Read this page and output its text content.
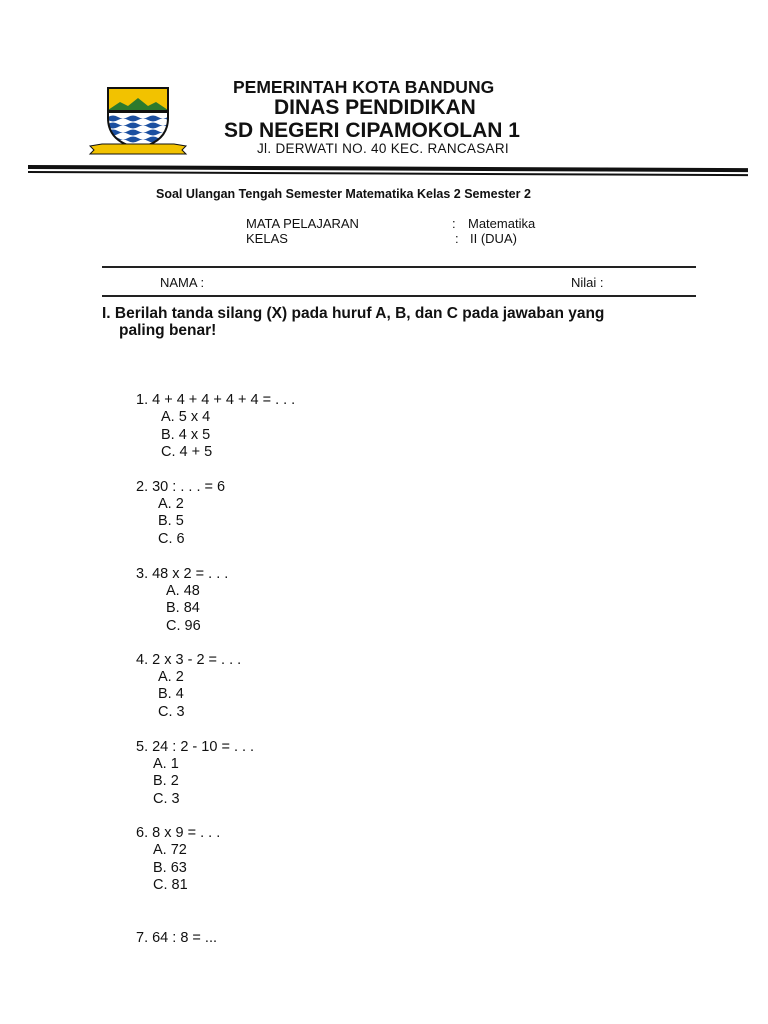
PEMERINTAH KOTA BANDUNG
DINAS PENDIDIKAN
SD NEGERI CIPAMOKOLAN 1
Jl. DERWATI NO. 40 KEC. RANCASARI
Soal Ulangan Tengah Semester Matematika Kelas 2 Semester 2
MATA PELAJARAN	: Matematika
KELAS	: II (DUA)
NAMA :	Nilai :
I. Berilah tanda silang (X) pada huruf A, B, dan C pada jawaban yang
paling benar!
1. 4 + 4 + 4 + 4 + 4 = . . .
A. 5 x 4
B. 4 x 5
C. 4 + 5
2. 30 : . . . = 6
A. 2
B. 5
C. 6
3. 48 x 2 = . . .
A. 48
B. 84
C. 96
4. 2 x 3 - 2 = . . .
A. 2
B. 4
C. 3
5. 24 : 2 - 10 = . . .
A. 1
B. 2
C. 3
6. 8 x 9 = . . .
A. 72
B. 63
C. 81
7. 64 : 8 = ...
